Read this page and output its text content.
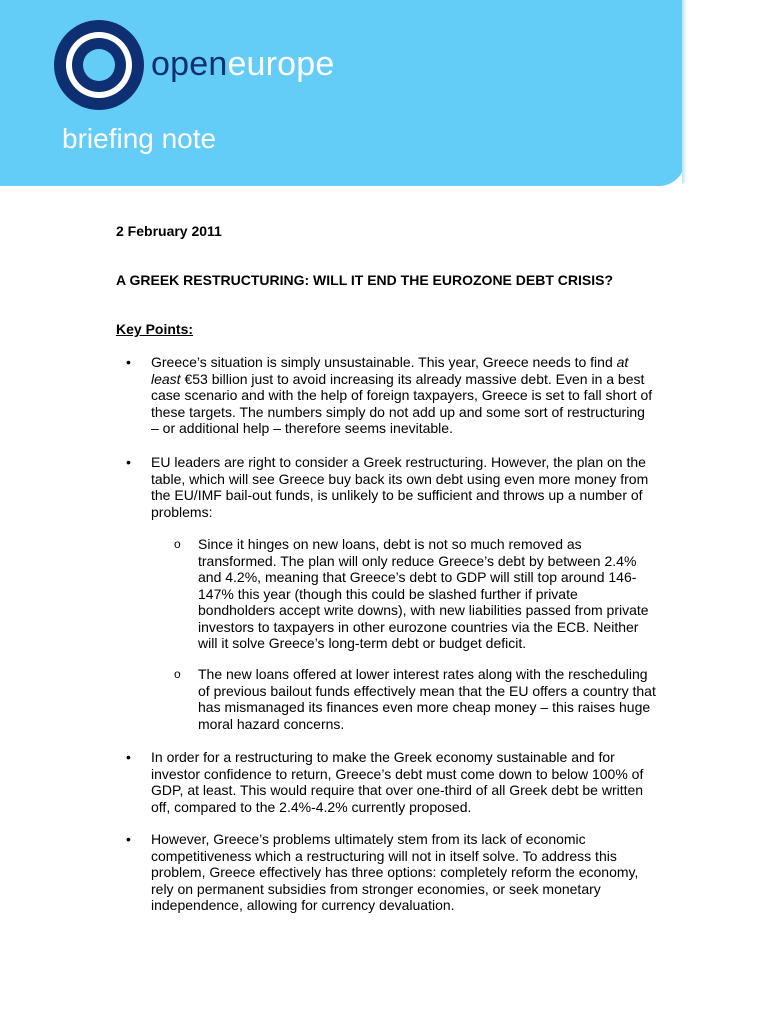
openeurope
briefing note
2 February 2011
A GREEK RESTRUCTURING: WILL IT END THE EUROZONE DEBT CRISIS?
Key Points:
• Greece’s situation is simply unsustainable. This year, Greece needs to find at least €53 billion just to avoid increasing its already massive debt. Even in a best case scenario and with the help of foreign taxpayers, Greece is set to fall short of these targets. The numbers simply do not add up and some sort of restructuring – or additional help – therefore seems inevitable.
• EU leaders are right to consider a Greek restructuring. However, the plan on the table, which will see Greece buy back its own debt using even more money from the EU/IMF bail-out funds, is unlikely to be sufficient and throws up a number of problems:
o Since it hinges on new loans, debt is not so much removed as transformed. The plan will only reduce Greece’s debt by between 2.4% and 4.2%, meaning that Greece’s debt to GDP will still top around 146-147% this year (though this could be slashed further if private bondholders accept write downs), with new liabilities passed from private investors to taxpayers in other eurozone countries via the ECB. Neither will it solve Greece’s long-term debt or budget deficit.
o The new loans offered at lower interest rates along with the rescheduling of previous bailout funds effectively mean that the EU offers a country that has mismanaged its finances even more cheap money – this raises huge moral hazard concerns.
• In order for a restructuring to make the Greek economy sustainable and for investor confidence to return, Greece’s debt must come down to below 100% of GDP, at least. This would require that over one-third of all Greek debt be written off, compared to the 2.4%-4.2% currently proposed.
• However, Greece’s problems ultimately stem from its lack of economic competitiveness which a restructuring will not in itself solve. To address this problem, Greece effectively has three options: completely reform the economy, rely on permanent subsidies from stronger economies, or seek monetary independence, allowing for currency devaluation.
